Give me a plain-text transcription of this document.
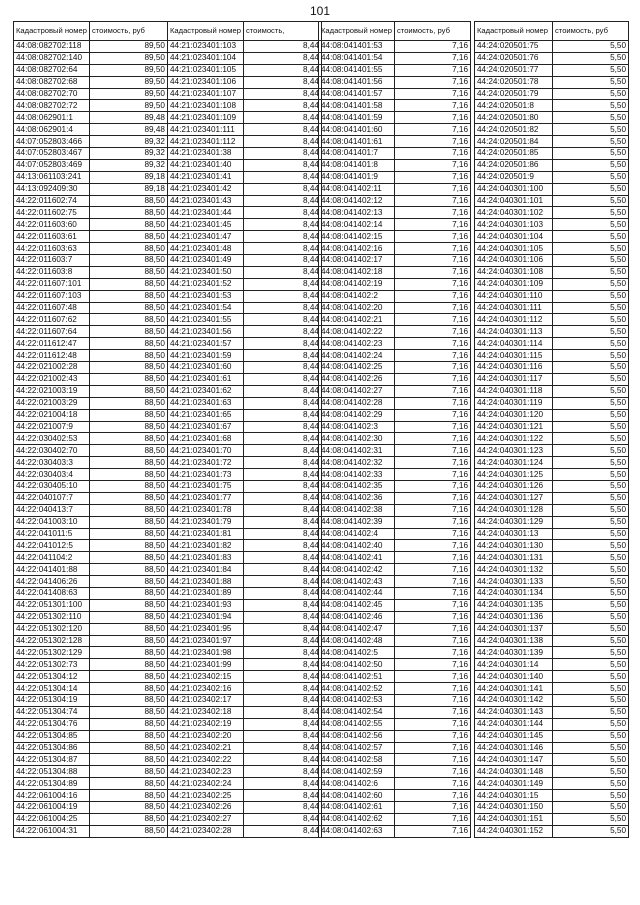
101
Кадастровый номер	стоимость, руб
44:08:082702:118	89,50
44:08:082702:140	89,50
44:08:082702:64	89,50
44:08:082702:68	89,50
44:08:082702:70	89,50
44:08:082702:72	89,50
44:08:062901:1	89,48
44:08:062901:4	89,48
44:07:052803:466	89,32
44:07:052803:467	89,32
44:07:052803:469	89,32
44:13:061103:241	89,18
44:13:092409:30	89,18
44:22:011602:74	88,50
44:22:011602:75	88,50
44:22:011603:60	88,50
44:22:011603:61	88,50
44:22:011603:63	88,50
44:22:011603:7	88,50
44:22:011603:8	88,50
44:22:011607:101	88,50
44:22:011607:103	88,50
44:22:011607:48	88,50
44:22:011607:62	88,50
44:22:011607:64	88,50
44:22:011612:47	88,50
44:22:011612:48	88,50
44:22:021002:28	88,50
44:22:021002:43	88,50
44:22:021003:19	88,50
44:22:021003:29	88,50
44:22:021004:18	88,50
44:22:021007:9	88,50
44:22:030402:53	88,50
44:22:030402:70	88,50
44:22:030403:3	88,50
44:22:030403:4	88,50
44:22:030405:10	88,50
44:22:040107:7	88,50
44:22:040413:7	88,50
44:22:041003:10	88,50
44:22:041011:5	88,50
44:22:041012:5	88,50
44:22:041104:2	88,50
44:22:041401:88	88,50
44:22:041406:26	88,50
44:22:041408:63	88,50
44:22:051301:100	88,50
44:22:051302:110	88,50
44:22:051302:120	88,50
44:22:051302:128	88,50
44:22:051302:129	88,50
44:22:051302:73	88,50
44:22:051304:12	88,50
44:22:051304:14	88,50
44:22:051304:19	88,50
44:22:051304:74	88,50
44:22:051304:76	88,50
44:22:051304:85	88,50
44:22:051304:86	88,50
44:22:051304:87	88,50
44:22:051304:88	88,50
44:22:051304:89	88,50
44:22:061004:16	88,50
44:22:061004:19	88,50
44:22:061004:25	88,50
44:22:061004:31	88,50
Кадастровый номер	стоимость,
44:21:023401:103	8,44
44:21:023401:104	8,44
44:21:023401:105	8,44
44:21:023401:106	8,44
44:21:023401:107	8,44
44:21:023401:108	8,44
44:21:023401:109	8,44
44:21:023401:111	8,44
44:21:023401:112	8,44
44:21:023401:38	8,44
44:21:023401:40	8,44
44:21:023401:41	8,44
44:21:023401:42	8,44
44:21:023401:43	8,44
44:21:023401:44	8,44
44:21:023401:45	8,44
44:21:023401:47	8,44
44:21:023401:48	8,44
44:21:023401:49	8,44
44:21:023401:50	8,44
44:21:023401:52	8,44
44:21:023401:53	8,44
44:21:023401:54	8,44
44:21:023401:55	8,44
44:21:023401:56	8,44
44:21:023401:57	8,44
44:21:023401:59	8,44
44:21:023401:60	8,44
44:21:023401:61	8,44
44:21:023401:62	8,44
44:21:023401:63	8,44
44:21:023401:65	8,44
44:21:023401:67	8,44
44:21:023401:68	8,44
44:21:023401:70	8,44
44:21:023401:72	8,44
44:21:023401:73	8,44
44:21:023401:75	8,44
44:21:023401:77	8,44
44:21:023401:78	8,44
44:21:023401:79	8,44
44:21:023401:81	8,44
44:21:023401:82	8,44
44:21:023401:83	8,44
44:21:023401:84	8,44
44:21:023401:88	8,44
44:21:023401:89	8,44
44:21:023401:93	8,44
44:21:023401:94	8,44
44:21:023401:95	8,44
44:21:023401:97	8,44
44:21:023401:98	8,44
44:21:023401:99	8,44
44:21:023402:15	8,44
44:21:023402:16	8,44
44:21:023402:17	8,44
44:21:023402:18	8,44
44:21:023402:19	8,44
44:21:023402:20	8,44
44:21:023402:21	8,44
44:21:023402:22	8,44
44:21:023402:23	8,44
44:21:023402:24	8,44
44:21:023402:25	8,44
44:21:023402:26	8,44
44:21:023402:27	8,44
44:21:023402:28	8,44
Кадастровый номер	стоимость, руб
44:08:041401:53	7,16
44:08:041401:54	7,16
44:08:041401:55	7,16
44:08:041401:56	7,16
44:08:041401:57	7,16
44:08:041401:58	7,16
44:08:041401:59	7,16
44:08:041401:60	7,16
44:08:041401:61	7,16
44:08:041401:7	7,16
44:08:041401:8	7,16
44:08:041401:9	7,16
44:08:041402:11	7,16
44:08:041402:12	7,16
44:08:041402:13	7,16
44:08:041402:14	7,16
44:08:041402:15	7,16
44:08:041402:16	7,16
44:08:041402:17	7,16
44:08:041402:18	7,16
44:08:041402:19	7,16
44:08:041402:2	7,16
44:08:041402:20	7,16
44:08:041402:21	7,16
44:08:041402:22	7,16
44:08:041402:23	7,16
44:08:041402:24	7,16
44:08:041402:25	7,16
44:08:041402:26	7,16
44:08:041402:27	7,16
44:08:041402:28	7,16
44:08:041402:29	7,16
44:08:041402:3	7,16
44:08:041402:30	7,16
44:08:041402:31	7,16
44:08:041402:32	7,16
44:08:041402:33	7,16
44:08:041402:35	7,16
44:08:041402:36	7,16
44:08:041402:38	7,16
44:08:041402:39	7,16
44:08:041402:4	7,16
44:08:041402:40	7,16
44:08:041402:41	7,16
44:08:041402:42	7,16
44:08:041402:43	7,16
44:08:041402:44	7,16
44:08:041402:45	7,16
44:08:041402:46	7,16
44:08:041402:47	7,16
44:08:041402:48	7,16
44:08:041402:5	7,16
44:08:041402:50	7,16
44:08:041402:51	7,16
44:08:041402:52	7,16
44:08:041402:53	7,16
44:08:041402:54	7,16
44:08:041402:55	7,16
44:08:041402:56	7,16
44:08:041402:57	7,16
44:08:041402:58	7,16
44:08:041402:59	7,16
44:08:041402:6	7,16
44:08:041402:60	7,16
44:08:041402:61	7,16
44:08:041402:62	7,16
44:08:041402:63	7,16
Кадастровый номер	стоимость, руб
44:24:020501:75	5,50
44:24:020501:76	5,50
44:24:020501:77	5,50
44:24:020501:78	5,50
44:24:020501:79	5,50
44:24:020501:8	5,50
44:24:020501:80	5,50
44:24:020501:82	5,50
44:24:020501:84	5,50
44:24:020501:85	5,50
44:24:020501:86	5,50
44:24:020501:9	5,50
44:24:040301:100	5,50
44:24:040301:101	5,50
44:24:040301:102	5,50
44:24:040301:103	5,50
44:24:040301:104	5,50
44:24:040301:105	5,50
44:24:040301:106	5,50
44:24:040301:108	5,50
44:24:040301:109	5,50
44:24:040301:110	5,50
44:24:040301:111	5,50
44:24:040301:112	5,50
44:24:040301:113	5,50
44:24:040301:114	5,50
44:24:040301:115	5,50
44:24:040301:116	5,50
44:24:040301:117	5,50
44:24:040301:118	5,50
44:24:040301:119	5,50
44:24:040301:120	5,50
44:24:040301:121	5,50
44:24:040301:122	5,50
44:24:040301:123	5,50
44:24:040301:124	5,50
44:24:040301:125	5,50
44:24:040301:126	5,50
44:24:040301:127	5,50
44:24:040301:128	5,50
44:24:040301:129	5,50
44:24:040301:13	5,50
44:24:040301:130	5,50
44:24:040301:131	5,50
44:24:040301:132	5,50
44:24:040301:133	5,50
44:24:040301:134	5,50
44:24:040301:135	5,50
44:24:040301:136	5,50
44:24:040301:137	5,50
44:24:040301:138	5,50
44:24:040301:139	5,50
44:24:040301:14	5,50
44:24:040301:140	5,50
44:24:040301:141	5,50
44:24:040301:142	5,50
44:24:040301:143	5,50
44:24:040301:144	5,50
44:24:040301:145	5,50
44:24:040301:146	5,50
44:24:040301:147	5,50
44:24:040301:148	5,50
44:24:040301:149	5,50
44:24:040301:15	5,50
44:24:040301:150	5,50
44:24:040301:151	5,50
44:24:040301:152	5,50
